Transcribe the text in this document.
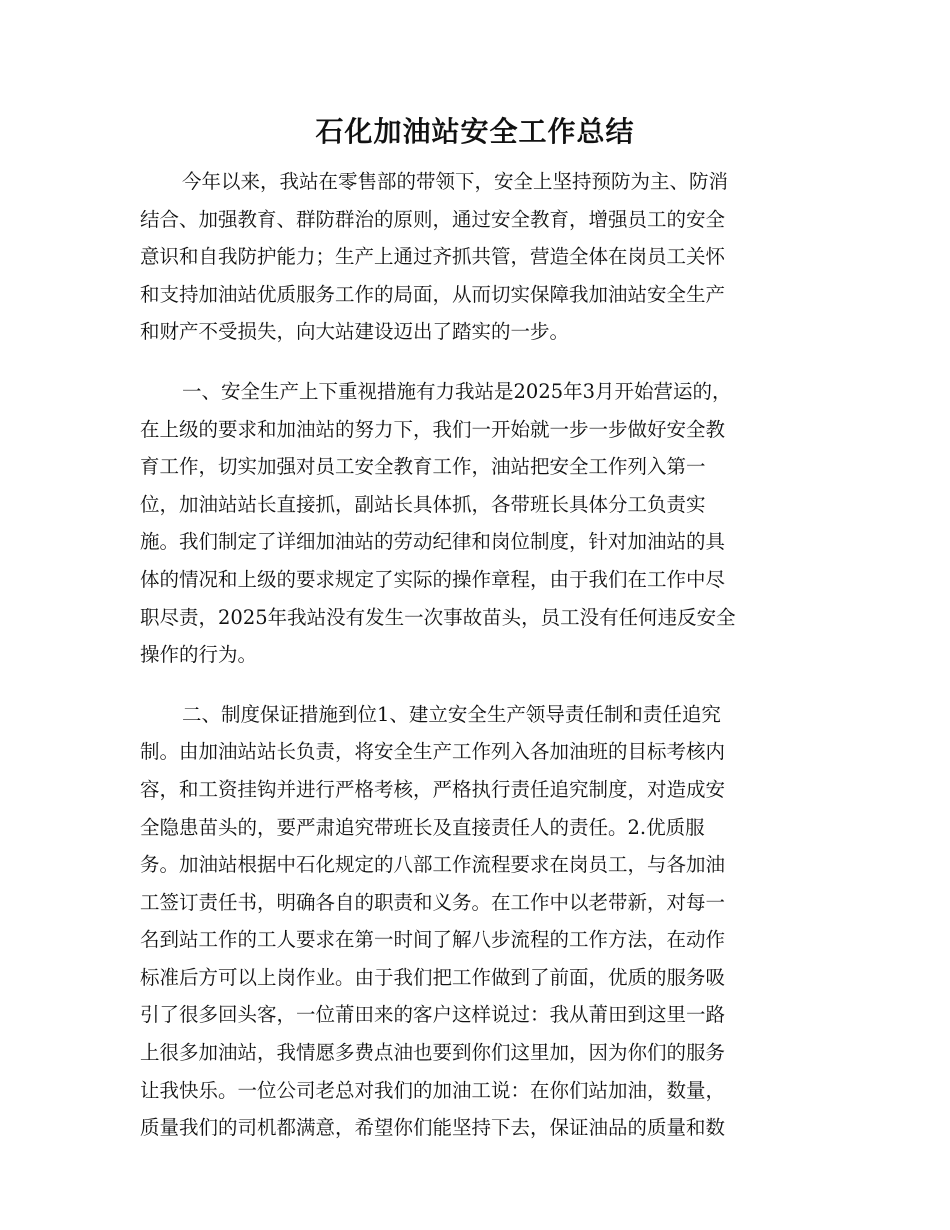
石化加油站安全工作总结

今年以来，我站在零售部的带领下，安全上坚持预防为主、防消
结合、加强教育、群防群治的原则，通过安全教育，增强员工的安全
意识和自我防护能力；生产上通过齐抓共管，营造全体在岗员工关怀
和支持加油站优质服务工作的局面，从而切实保障我加油站安全生产
和财产不受损失，向大站建设迈出了踏实的一步。

一、安全生产上下重视措施有力我站是2025年3月开始营运的，
在上级的要求和加油站的努力下，我们一开始就一步一步做好安全教
育工作，切实加强对员工安全教育工作，油站把安全工作列入第一
位，加油站站长直接抓，副站长具体抓，各带班长具体分工负责实
施。我们制定了详细加油站的劳动纪律和岗位制度，针对加油站的具
体的情况和上级的要求规定了实际的操作章程，由于我们在工作中尽
职尽责，2025年我站没有发生一次事故苗头，员工没有任何违反安全
操作的行为。

二、制度保证措施到位1、建立安全生产领导责任制和责任追究
制。由加油站站长负责，将安全生产工作列入各加油班的目标考核内
容，和工资挂钩并进行严格考核，严格执行责任追究制度，对造成安
全隐患苗头的，要严肃追究带班长及直接责任人的责任。2.优质服
务。加油站根据中石化规定的八部工作流程要求在岗员工，与各加油
工签订责任书，明确各自的职责和义务。在工作中以老带新，对每一
名到站工作的工人要求在第一时间了解八步流程的工作方法，在动作
标准后方可以上岗作业。由于我们把工作做到了前面，优质的服务吸
引了很多回头客，一位莆田来的客户这样说过：我从莆田到这里一路
上很多加油站，我情愿多费点油也要到你们这里加，因为你们的服务
让我快乐。一位公司老总对我们的加油工说：在你们站加油，数量，
质量我们的司机都满意，希望你们能坚持下去，保证油品的质量和数
